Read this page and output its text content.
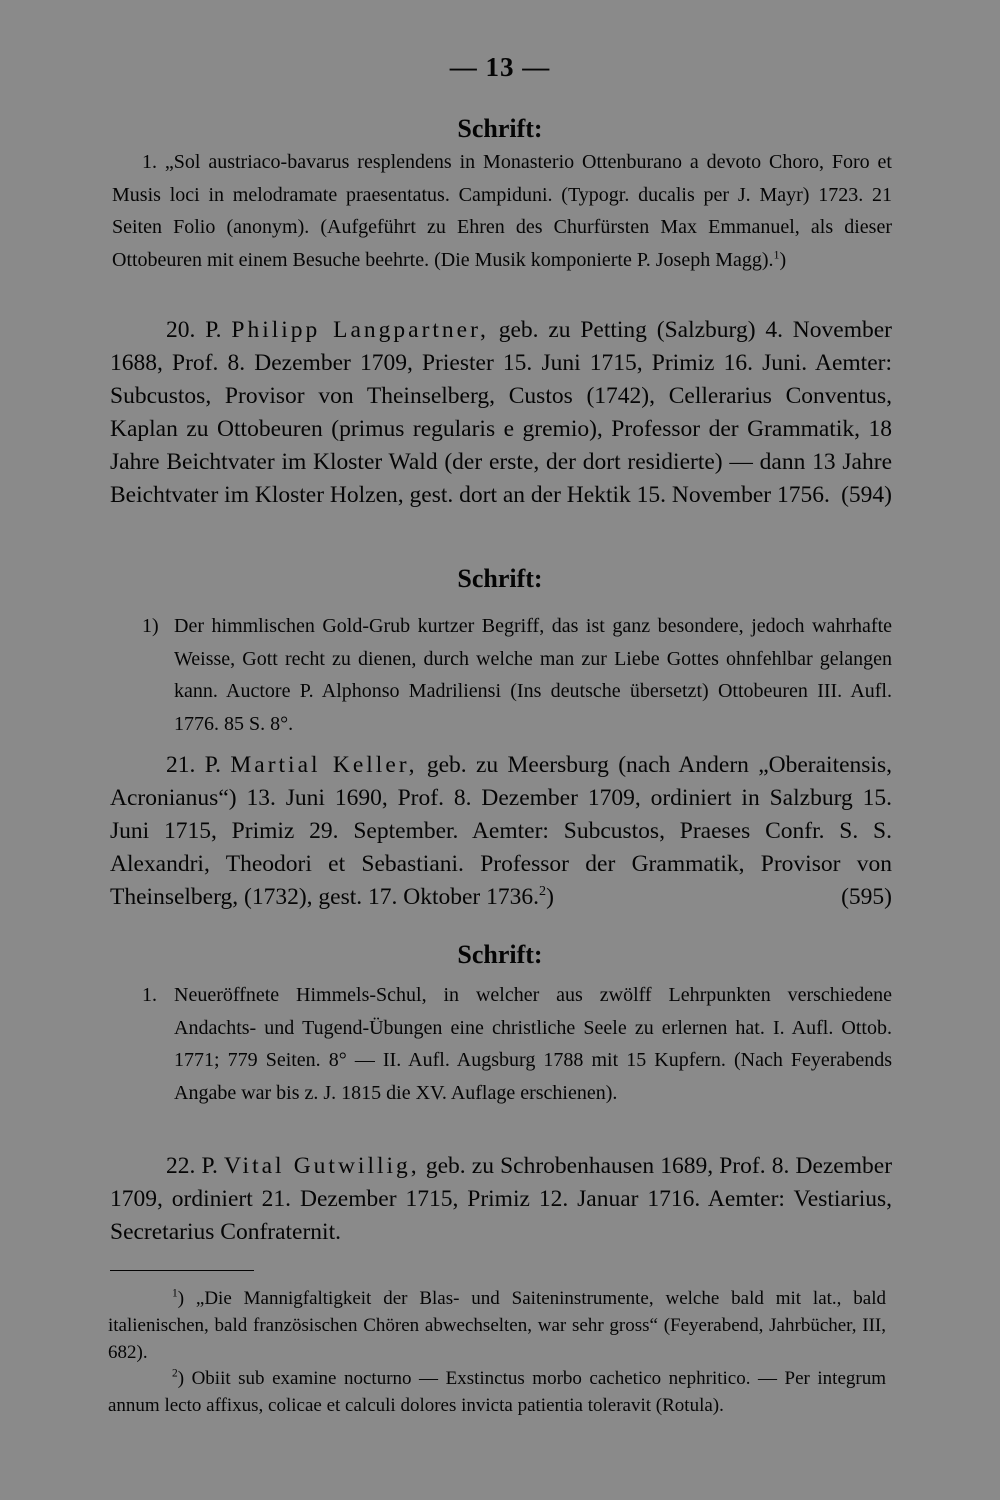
— 13 —
Schrift:
1. „Sol austriaco-bavarus resplendens in Monasterio Ottenburano a devoto Choro, Foro et Musis loci in melodramate praesentatus. Campiduni. (Typogr. ducalis per J. Mayr) 1723. 21 Seiten Folio (anonym). (Aufgeführt zu Ehren des Churfürsten Max Emmanuel, als dieser Ottobeuren mit einem Besuche beehrte. (Die Musik komponierte P. Joseph Magg).$^1$)
20. P. Philipp Langpartner, geb. zu Petting (Salzburg) 4. November 1688, Prof. 8. Dezember 1709, Priester 15. Juni 1715, Primiz 16. Juni. Aemter: Subcustos, Provisor von Theinselberg, Custos (1742), Cellerarius Conventus, Kaplan zu Ottobeuren (primus regularis e gremio), Professor der Grammatik, 18 Jahre Beichtvater im Kloster Wald (der erste, der dort residierte) — dann 13 Jahre Beichtvater im Kloster Holzen, gest. dort an der Hektik 15. November 1756. (594)
Schrift:
1) Der himmlischen Gold-Grub kurtzer Begriff, das ist ganz besondere, jedoch wahrhafte Weisse, Gott recht zu dienen, durch welche man zur Liebe Gottes ohnfehlbar gelangen kann. Auctore P. Alphonso Madriliensi (Ins deutsche übersetzt) Ottobeuren III. Aufl. 1776. 85 S. 8°.
21. P. Martial Keller, geb. zu Meersburg (nach Andern „Oberaitensis, Acronianus“) 13. Juni 1690, Prof. 8. Dezember 1709, ordiniert in Salzburg 15. Juni 1715, Primiz 29. September. Aemter: Subcustos, Praeses Confr. S. S. Alexandri, Theodori et Sebastiani. Professor der Grammatik, Provisor von Theinselberg, (1732), gest. 17. Oktober 1736.$^2$)	(595)
Schrift:
1. Neueröffnete Himmels-Schul, in welcher aus zwölff Lehrpunkten verschiedene Andachts- und Tugend-Übungen eine christliche Seele zu erlernen hat. I. Aufl. Ottob. 1771; 779 Seiten. 8° — II. Aufl. Augsburg 1788 mit 15 Kupfern. (Nach Feyerabends Angabe war bis z. J. 1815 die XV. Auflage erschienen).
22. P. Vital Gutwillig, geb. zu Schrobenhausen 1689, Prof. 8. Dezember 1709, ordiniert 21. Dezember 1715, Primiz 12. Januar 1716. Aemter: Vestiarius, Secretarius Confraternit.
$^1$) „Die Mannigfaltigkeit der Blas- und Saiteninstrumente, welche bald mit lat., bald italienischen, bald französischen Chören abwechselten, war sehr gross“ (Feyerabend, Jahrbücher, III, 682).
$^2$) Obiit sub examine nocturno — Exstinctus morbo cachetico nephritico. — Per integrum annum lecto affixus, colicae et calculi dolores invicta patientia toleravit (Rotula).
